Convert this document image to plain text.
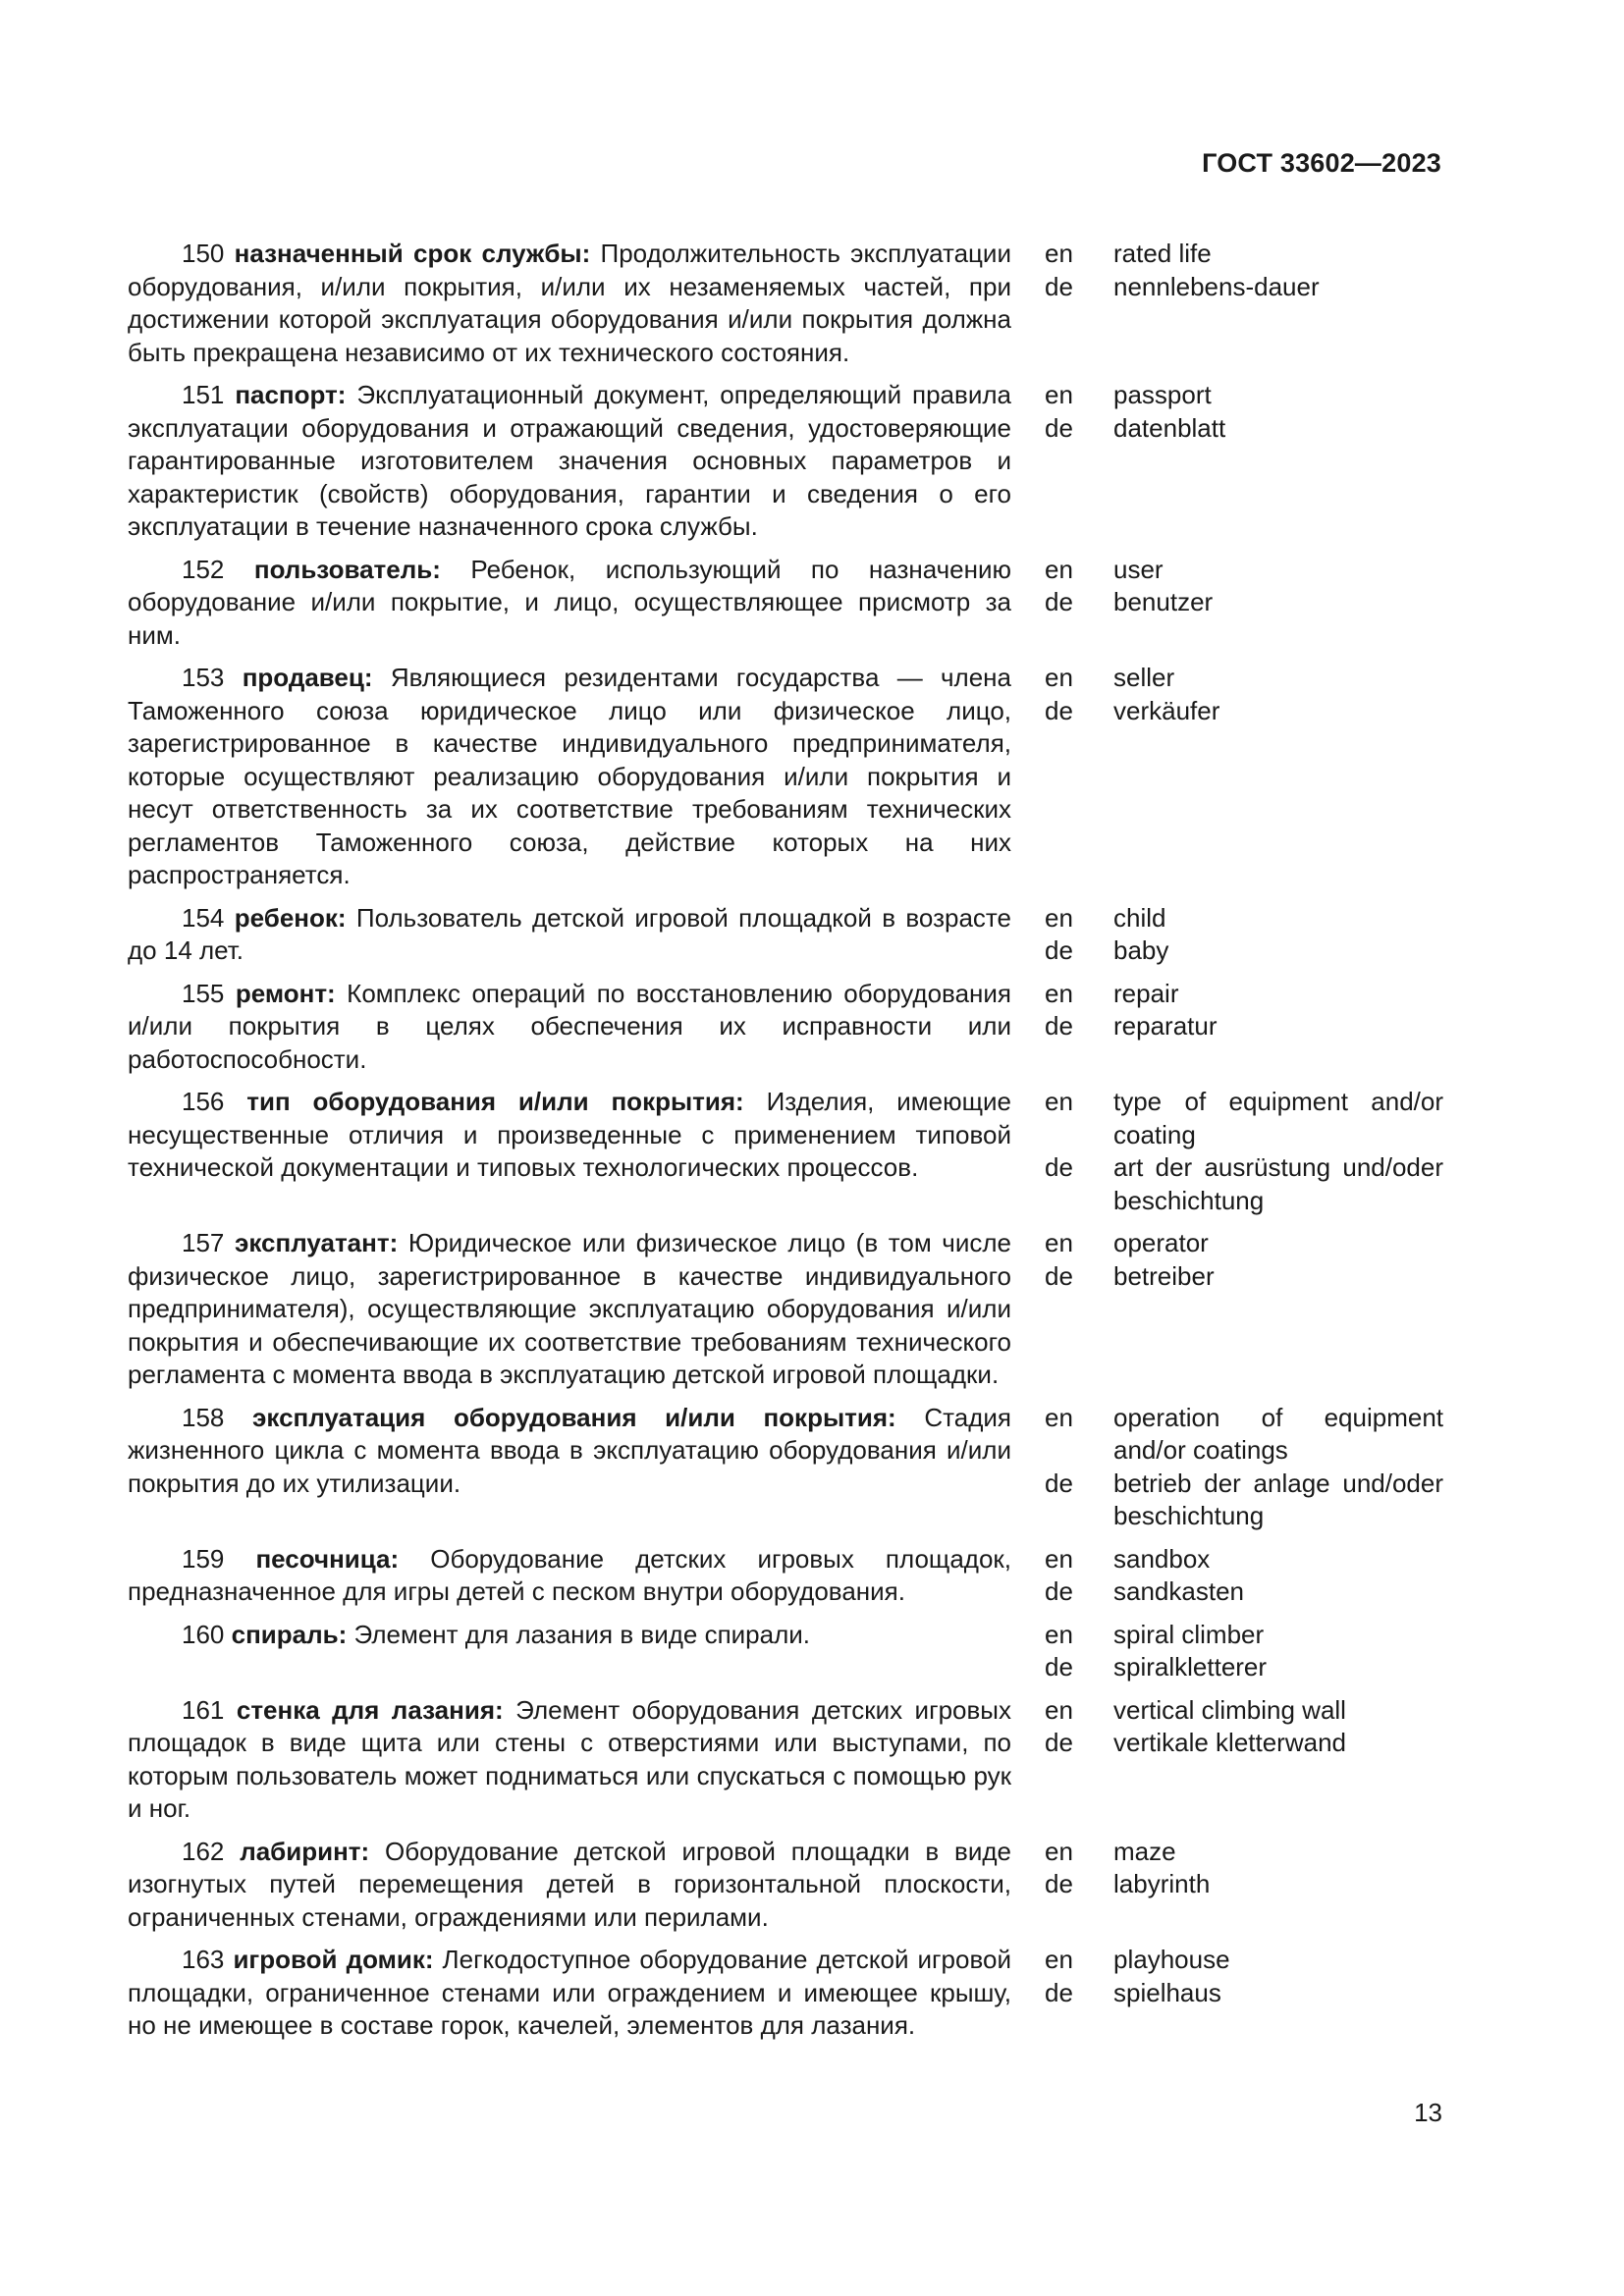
ГОСТ 33602—2023
150 назначенный срок службы: Продолжительность эксплуатации оборудования, и/или покрытия, и/или их незаменяемых частей, при достижении которой эксплуатация оборудования и/или покрытия должна быть прекращена независимо от их технического состояния.
en	rated life
de	nennlebens-dauer
151 паспорт: Эксплуатационный документ, определяющий правила эксплуатации оборудования и отражающий сведения, удостоверяющие гарантированные изготовителем значения основных параметров и характеристик (свойств) оборудования, гарантии и сведения о его эксплуатации в течение назначенного срока службы.
en	passport
de	datenblatt
152 пользователь: Ребенок, использующий по назначению оборудование и/или покрытие, и лицо, осуществляющее присмотр за ним.
en	user
de	benutzer
153 продавец: Являющиеся резидентами государства — члена Таможенного союза юридическое лицо или физическое лицо, зарегистрированное в качестве индивидуального предпринимателя, которые осуществляют реализацию оборудования и/или покрытия и несут ответственность за их соответствие требованиям технических регламентов Таможенного союза, действие которых на них распространяется.
en	seller
de	verkäufer
154 ребенок: Пользователь детской игровой площадкой в возрасте до 14 лет.
en	child
de	baby
155 ремонт: Комплекс операций по восстановлению оборудования и/или покрытия в целях обеспечения их исправности или работоспособности.
en	repair
de	reparatur
156 тип оборудования и/или покрытия: Изделия, имеющие несущественные отличия и произведенные с применением типовой технической документации и типовых технологических процессов.
en	type of equipment and/or coating
de	art der ausrüstung und/oder beschichtung
157 эксплуатант: Юридическое или физическое лицо (в том числе физическое лицо, зарегистрированное в качестве индивидуального предпринимателя), осуществляющие эксплуатацию оборудования и/или покрытия и обеспечивающие их соответствие требованиям технического регламента с момента ввода в эксплуатацию детской игровой площадки.
en	operator
de	betreiber
158 эксплуатация оборудования и/или покрытия: Стадия жизненного цикла с момента ввода в эксплуатацию оборудования и/или покрытия до их утилизации.
en	operation of equipment and/or coatings
de	betrieb der anlage und/oder beschichtung
159 песочница: Оборудование детских игровых площадок, предназначенное для игры детей с песком внутри оборудования.
en	sandbox
de	sandkasten
160 спираль: Элемент для лазания в виде спирали.	en	spiral climber
de	spiralkletterer
161 стенка для лазания: Элемент оборудования детских игровых площадок в виде щита или стены с отверстиями или выступами, по которым пользователь может подниматься или спускаться с помощью рук и ног.
en	vertical climbing wall
de	vertikale kletterwand
162 лабиринт: Оборудование детской игровой площадки в виде изогнутых путей перемещения детей в горизонтальной плоскости, ограниченных стенами, ограждениями или перилами.
en	maze
de	labyrinth
163 игровой домик: Легкодоступное оборудование детской игровой площадки, ограниченное стенами или ограждением и имеющее крышу, но не имеющее в составе горок, качелей, элементов для лазания.
en	playhouse
de	spielhaus
13
